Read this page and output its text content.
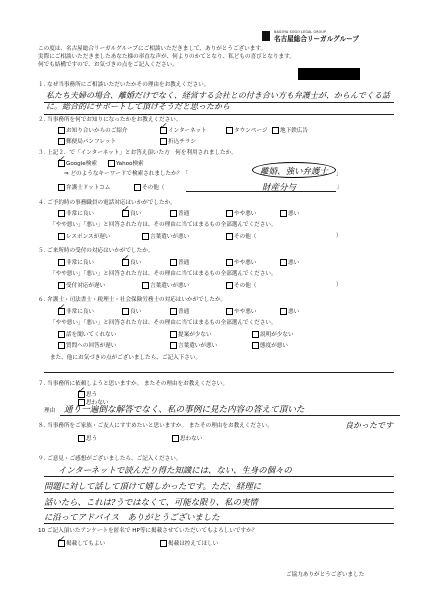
NAGOYA SOGO LEGAL GROUP
名古屋総合リーガルグループ
この度は、名古屋総合リーガルグループにご相談いただきまして、ありがとうございます。
実際にご相談いただきましたあなた様の率直な声が、何よりのかてとなり、私どもの喜びとなります。
何でも結構ですので、お気づきの点をご記入ください。
１. なぜ当事務所にご相談いただいたかその理由をお教えください。
私たち夫婦の場合、離婚だけでなく、経営する会社との付き合い方も弁護士が、からんでくる話に。総合的にサポートして頂けそうだと思ったから
２. 当事務所を何でお知りになったかをお教えください。
お知り合いからのご紹介	インターネット
✓	タウンページ	地下鉄広告
郵便局パンフレット	折込チラシ
３. 上記２．で「インターネット」とお答え頂いた方　何を利用されましたか。
Google検索
✓	Yahoo検索
⇒ どのようなキーワードで検索されましたか？「	離婚、強い弁護士 」
弁護士ドットコム	その他（	財産分与	」
４. ご予約時の事務職員の電話対応はいかがでしたか。
非常に良い	良い
✓	普通	やや悪い	悪い
「やや悪い」「悪い」と回答された方は、その理由に当てはまるもの全部選んでください。
レスポンスが遅い	言葉遣いが悪い	その他（	）
５. ご来所時の受付の対応はいかがでしたか。
非常に良い	良い
✓	普通	やや悪い	悪い
「やや悪い」「悪い」と回答された方は、その理由に当てはまるもの全部選んでください。
受付対応が遅い	言葉遣いが悪い	その他（	）
６. 弁護士・司法書士・税理士・社会保険労務士の対応はいかがでしたか。
非常に良い
✓	良い	普通	やや悪い	悪い
「やや悪い」「悪い」と回答された方は、その理由に当てはまるもの全部選んでください。
話を聞いてくれない	提案が少ない	説明が少ない
質問への回答が遅い	言葉遣いが悪い	態度が悪い
また、他にお気づきの点がございましたら、ご記入下さい。
７. 当事務所に依頼しようと思いますか。 またその理由をお教えください。
思う
✓
思わない
理由 通り一遍倒な解答でなく、私の事例に見た内容の答えて頂いた
８. 当事務所をご家族・ご友人にすすめたいと思いますか。 またその理由をお教えください。	良かったです
思う	思わない
９. ご意見・ご感想がございましたら、ご記入ください。
インターネットで読んだり得た知識には、ない、生身の個々の
問題に対して話して頂けて嬉しかったです。ただ、経理に
話いたら、これは?うではなくて、可能な限り、私の実情
に沿ってアドバイス　ありがとうございました
10 ご記入頂いたアンケートを匿名で HP等に掲載させていただいてもよろしいですか？
掲載してもよい
✓	掲載は控えてほしい
ご協力ありがとうございました
